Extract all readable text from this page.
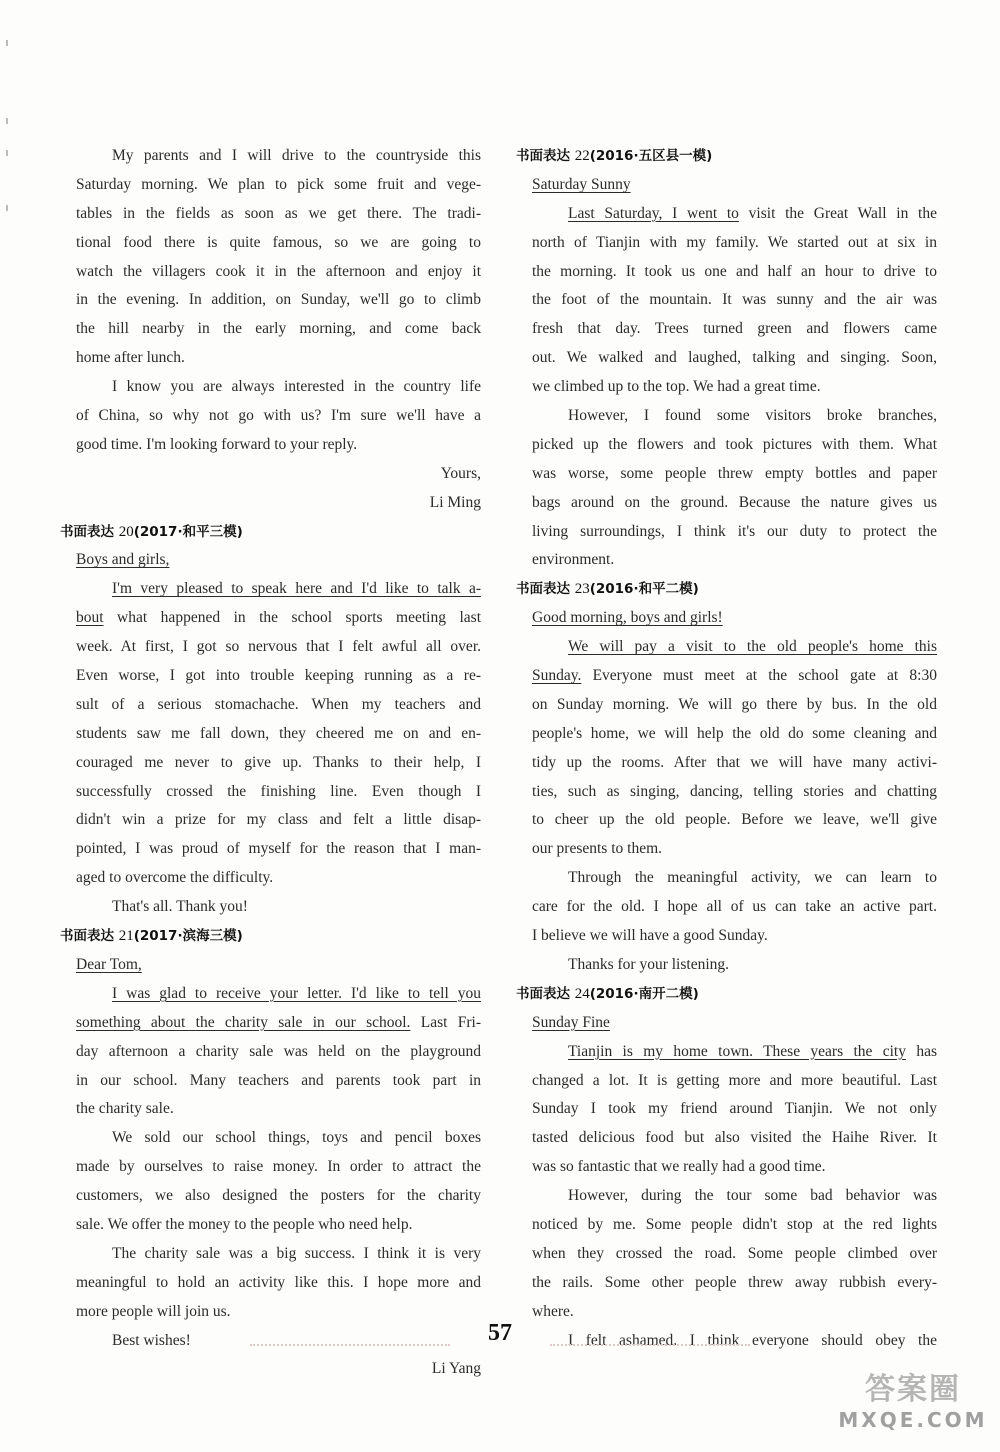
My parents and I will drive to the countryside this
Saturday morning. We plan to pick some fruit and vege-
tables in the fields as soon as we get there. The tradi-
tional food there is quite famous, so we are going to
watch the villagers cook it in the afternoon and enjoy it
in the evening. In addition, on Sunday, we'll go to climb
the hill nearby in the early morning, and come back
home after lunch.
I know you are always interested in the country life
of China, so why not go with us? I'm sure we'll have a
good time. I'm looking forward to your reply.
Yours,
Li Ming
书面表达 20(2017·和平三模)
Boys and girls,
I'm very pleased to speak here and I'd like to talk a-
bout what happened in the school sports meeting last
week. At first, I got so nervous that I felt awful all over.
Even worse, I got into trouble keeping running as a re-
sult of a serious stomachache. When my teachers and
students saw me fall down, they cheered me on and en-
couraged me never to give up. Thanks to their help, I
successfully crossed the finishing line. Even though I
didn't win a prize for my class and felt a little disap-
pointed, I was proud of myself for the reason that I man-
aged to overcome the difficulty.
That's all. Thank you!
书面表达 21(2017·滨海三模)
Dear Tom,
I was glad to receive your letter. I'd like to tell you
something about the charity sale in our school. Last Fri-
day afternoon a charity sale was held on the playground
in our school. Many teachers and parents took part in
the charity sale.
We sold our school things, toys and pencil boxes
made by ourselves to raise money. In order to attract the
customers, we also designed the posters for the charity
sale. We offer the money to the people who need help.
The charity sale was a big success. I think it is very
meaningful to hold an activity like this. I hope more and
more people will join us.
Best wishes!
Li Yang
书面表达 22(2016·五区县一模)
Saturday Sunny
Last Saturday, I went to visit the Great Wall in the
north of Tianjin with my family. We started out at six in
the morning. It took us one and half an hour to drive to
the foot of the mountain. It was sunny and the air was
fresh that day. Trees turned green and flowers came
out. We walked and laughed, talking and singing. Soon,
we climbed up to the top. We had a great time.
However, I found some visitors broke branches,
picked up the flowers and took pictures with them. What
was worse, some people threw empty bottles and paper
bags around on the ground. Because the nature gives us
living surroundings, I think it's our duty to protect the
environment.
书面表达 23(2016·和平二模)
Good morning, boys and girls!
We will pay a visit to the old people's home this
Sunday. Everyone must meet at the school gate at 8:30
on Sunday morning. We will go there by bus. In the old
people's home, we will help the old do some cleaning and
tidy up the rooms. After that we will have many activi-
ties, such as singing, dancing, telling stories and chatting
to cheer up the old people. Before we leave, we'll give
our presents to them.
Through the meaningful activity, we can learn to
care for the old. I hope all of us can take an active part.
I believe we will have a good Sunday.
Thanks for your listening.
书面表达 24(2016·南开二模)
Sunday Fine
Tianjin is my home town. These years the city has
changed a lot. It is getting more and more beautiful. Last
Sunday I took my friend around Tianjin. We not only
tasted delicious food but also visited the Haihe River. It
was so fantastic that we really had a good time.
However, during the tour some bad behavior was
noticed by me. Some people didn't stop at the red lights
when they crossed the road. Some people climbed over
the rails. Some other people threw away rubbish every-
where.
I felt ashamed. I think everyone should obey the
57
答案圈
MXQE.COM
